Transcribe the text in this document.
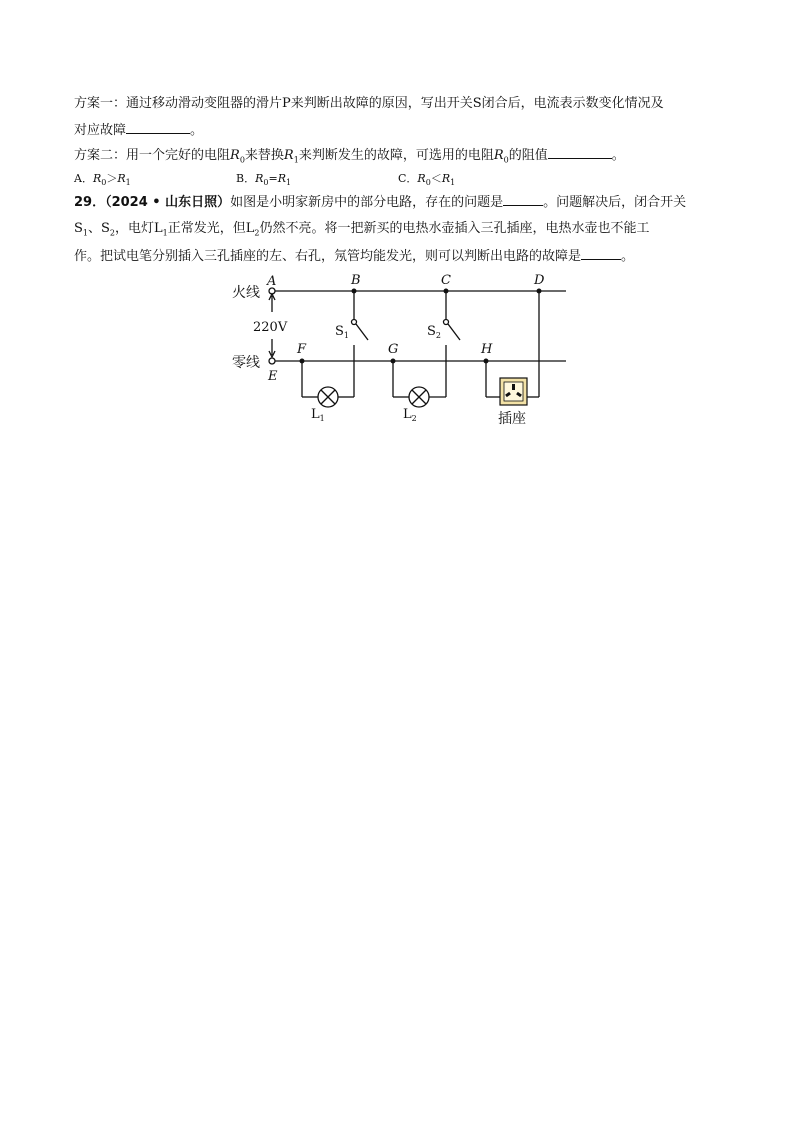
方案一：通过移动滑动变阻器的滑片P来判断出故障的原因，写出开关S闭合后，电流表示数变化情况及
对应故障	。
方案二：用一个完好的电阻$R_0$来替换$R_1$来判断发生的故障，可选用的电阻$R_0$的阻值	。
A．$R_0>R_1$	B．$R_0=R_1$	C．$R_0<R_1$
29．（2024 • 山东日照）如图是小明家新房中的部分电路，存在的问题是	。问题解决后，闭合开关
$S_1$、$S_2$，电灯$L_1$正常发光，但$L_2$仍然不亮。将一把新买的电热水壶插入三孔插座，电热水壶也不能工
作。把试电笔分别插入三孔插座的左、右孔，氖管均能发光，则可以判断出电路的故障是	。
火线
零线
220V
A	B	C	D
E
F	G	H
$S_1$	$S_2$
$L_1$	$L_2$	插座
